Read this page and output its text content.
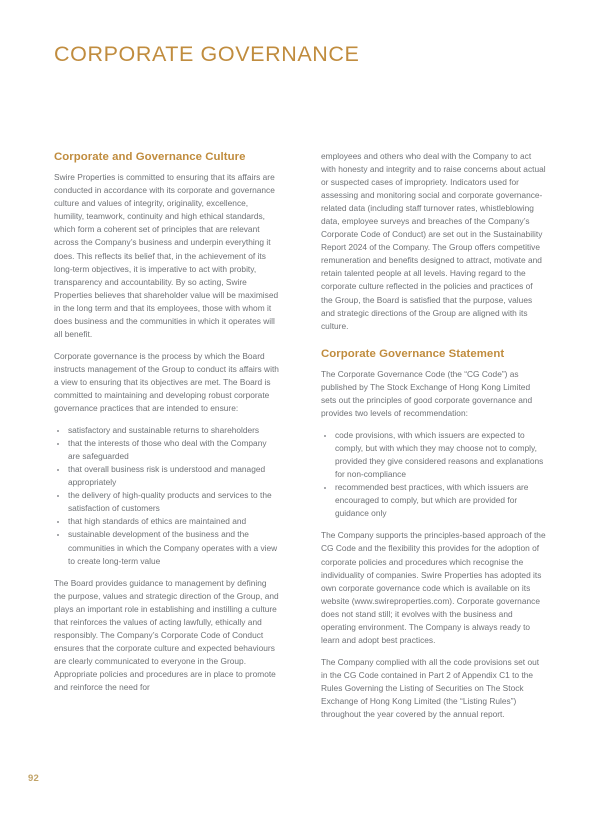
CORPORATE GOVERNANCE
Corporate and Governance Culture

Swire Properties is committed to ensuring that its affairs are conducted in accordance with its corporate and governance culture and values of integrity, originality, excellence, humility, teamwork, continuity and high ethical standards, which form a coherent set of principles that are relevant across the Company’s business and underpin everything it does. This reflects its belief that, in the achievement of its long-term objectives, it is imperative to act with probity, transparency and accountability. By so acting, Swire Properties believes that shareholder value will be maximised in the long term and that its employees, those with whom it does business and the communities in which it operates will all benefit.

Corporate governance is the process by which the Board instructs management of the Group to conduct its affairs with a view to ensuring that its objectives are met. The Board is committed to maintaining and developing robust corporate governance practices that are intended to ensure:

satisfactory and sustainable returns to shareholders
that the interests of those who deal with the Company are safeguarded
that overall business risk is understood and managed appropriately
the delivery of high-quality products and services to the satisfaction of customers
that high standards of ethics are maintained and
sustainable development of the business and the communities in which the Company operates with a view to create long-term value

The Board provides guidance to management by defining the purpose, values and strategic direction of the Group, and plays an important role in establishing and instilling a culture that reinforces the values of acting lawfully, ethically and responsibly. The Company’s Corporate Code of Conduct ensures that the corporate culture and expected behaviours are clearly communicated to everyone in the Group. Appropriate policies and procedures are in place to promote and reinforce the need for

employees and others who deal with the Company to act with honesty and integrity and to raise concerns about actual or suspected cases of impropriety. Indicators used for assessing and monitoring social and corporate governance-related data (including staff turnover rates, whistleblowing data, employee surveys and breaches of the Company’s Corporate Code of Conduct) are set out in the Sustainability Report 2024 of the Company. The Group offers competitive remuneration and benefits designed to attract, motivate and retain talented people at all levels. Having regard to the corporate culture reflected in the policies and practices of the Group, the Board is satisfied that the purpose, values and strategic directions of the Group are aligned with its culture.

Corporate Governance Statement

The Corporate Governance Code (the “CG Code”) as published by The Stock Exchange of Hong Kong Limited sets out the principles of good corporate governance and provides two levels of recommendation:

code provisions, with which issuers are expected to comply, but with which they may choose not to comply, provided they give considered reasons and explanations for non-compliance
recommended best practices, with which issuers are encouraged to comply, but which are provided for guidance only

The Company supports the principles-based approach of the CG Code and the flexibility this provides for the adoption of corporate policies and procedures which recognise the individuality of companies. Swire Properties has adopted its own corporate governance code which is available on its website (www.swireproperties.com). Corporate governance does not stand still; it evolves with the business and operating environment. The Company is always ready to learn and adopt best practices.

The Company complied with all the code provisions set out in the CG Code contained in Part 2 of Appendix C1 to the Rules Governing the Listing of Securities on The Stock Exchange of Hong Kong Limited (the “Listing Rules”) throughout the year covered by the annual report.

92
